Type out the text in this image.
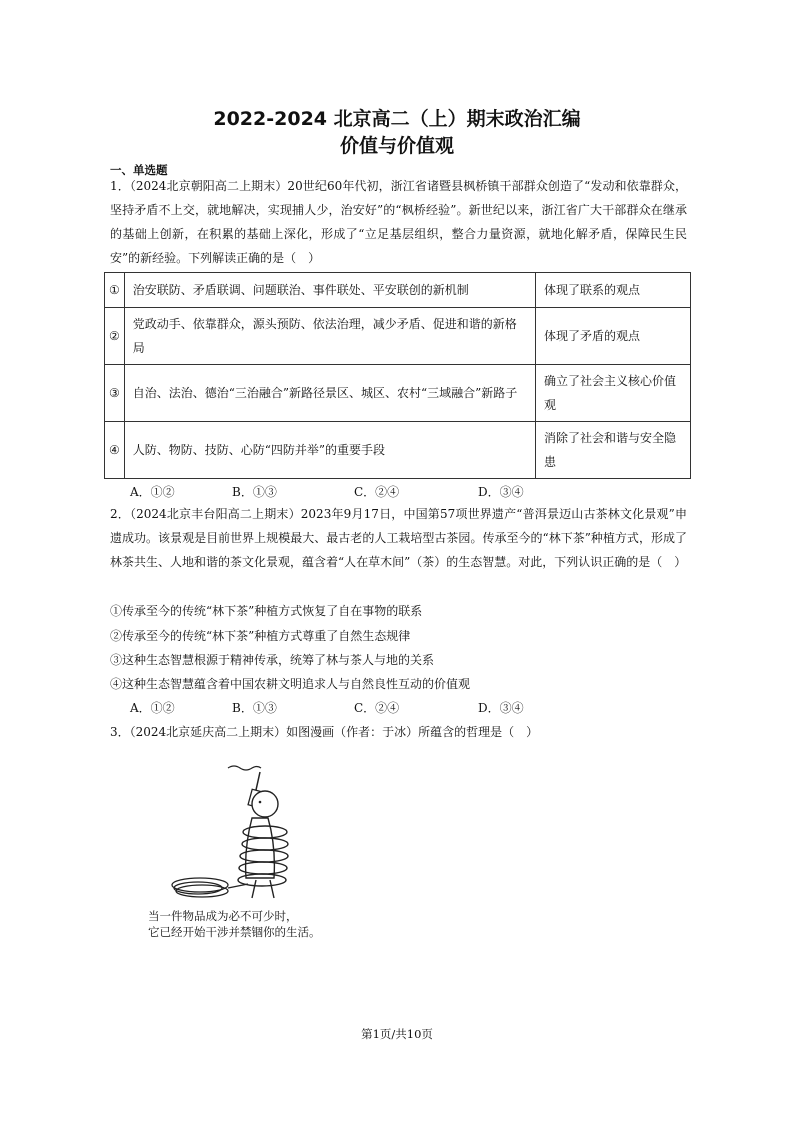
2022-2024 北京高二（上）期末政治汇编
价值与价值观
一、单选题
1．（2024北京朝阳高二上期末）20世纪60年代初，浙江省诸暨县枫桥镇干部群众创造了“发动和依靠群众，坚持矛盾不上交，就地解决，实现捕人少，治安好”的“枫桥经验”。新世纪以来，浙江省广大干部群众在继承的基础上创新，在积累的基础上深化，形成了“立足基层组织，整合力量资源，就地化解矛盾，保障民生民安”的新经验。下列解读正确的是（　）
①	治安联防、矛盾联调、问题联治、事件联处、平安联创的新机制	体现了联系的观点
②	党政动手、依靠群众，源头预防、依法治理，减少矛盾、促进和谐的新格局	体现了矛盾的观点
③	自治、法治、德治“三治融合”新路径景区、城区、农村“三域融合”新路子	确立了社会主义核心价值观
④	人防、物防、技防、心防“四防并举”的重要手段	消除了社会和谐与安全隐患
A．①②	B．①③	C．②④	D．③④
2．（2024北京丰台阳高二上期末）2023年9月17日，中国第57项世界遗产“普洱景迈山古茶林文化景观”申遗成功。该景观是目前世界上规模最大、最古老的人工栽培型古茶园。传承至今的“林下茶”种植方式，形成了林茶共生、人地和谐的茶文化景观，蕴含着“人在草木间”（茶）的生态智慧。对此，下列认识正确的是（　）
①传承至今的传统“林下茶”种植方式恢复了自在事物的联系
②传承至今的传统“林下茶”种植方式尊重了自然生态规律
③这种生态智慧根源于精神传承，统筹了林与茶人与地的关系
④这种生态智慧蕴含着中国农耕文明追求人与自然良性互动的价值观
A．①②	B．①③	C．②④	D．③④
3．（2024北京延庆高二上期末）如图漫画（作者：于冰）所蕴含的哲理是（　）
当一件物品成为必不可少时，
它已经开始干涉并禁锢你的生活。
第1页/共10页
